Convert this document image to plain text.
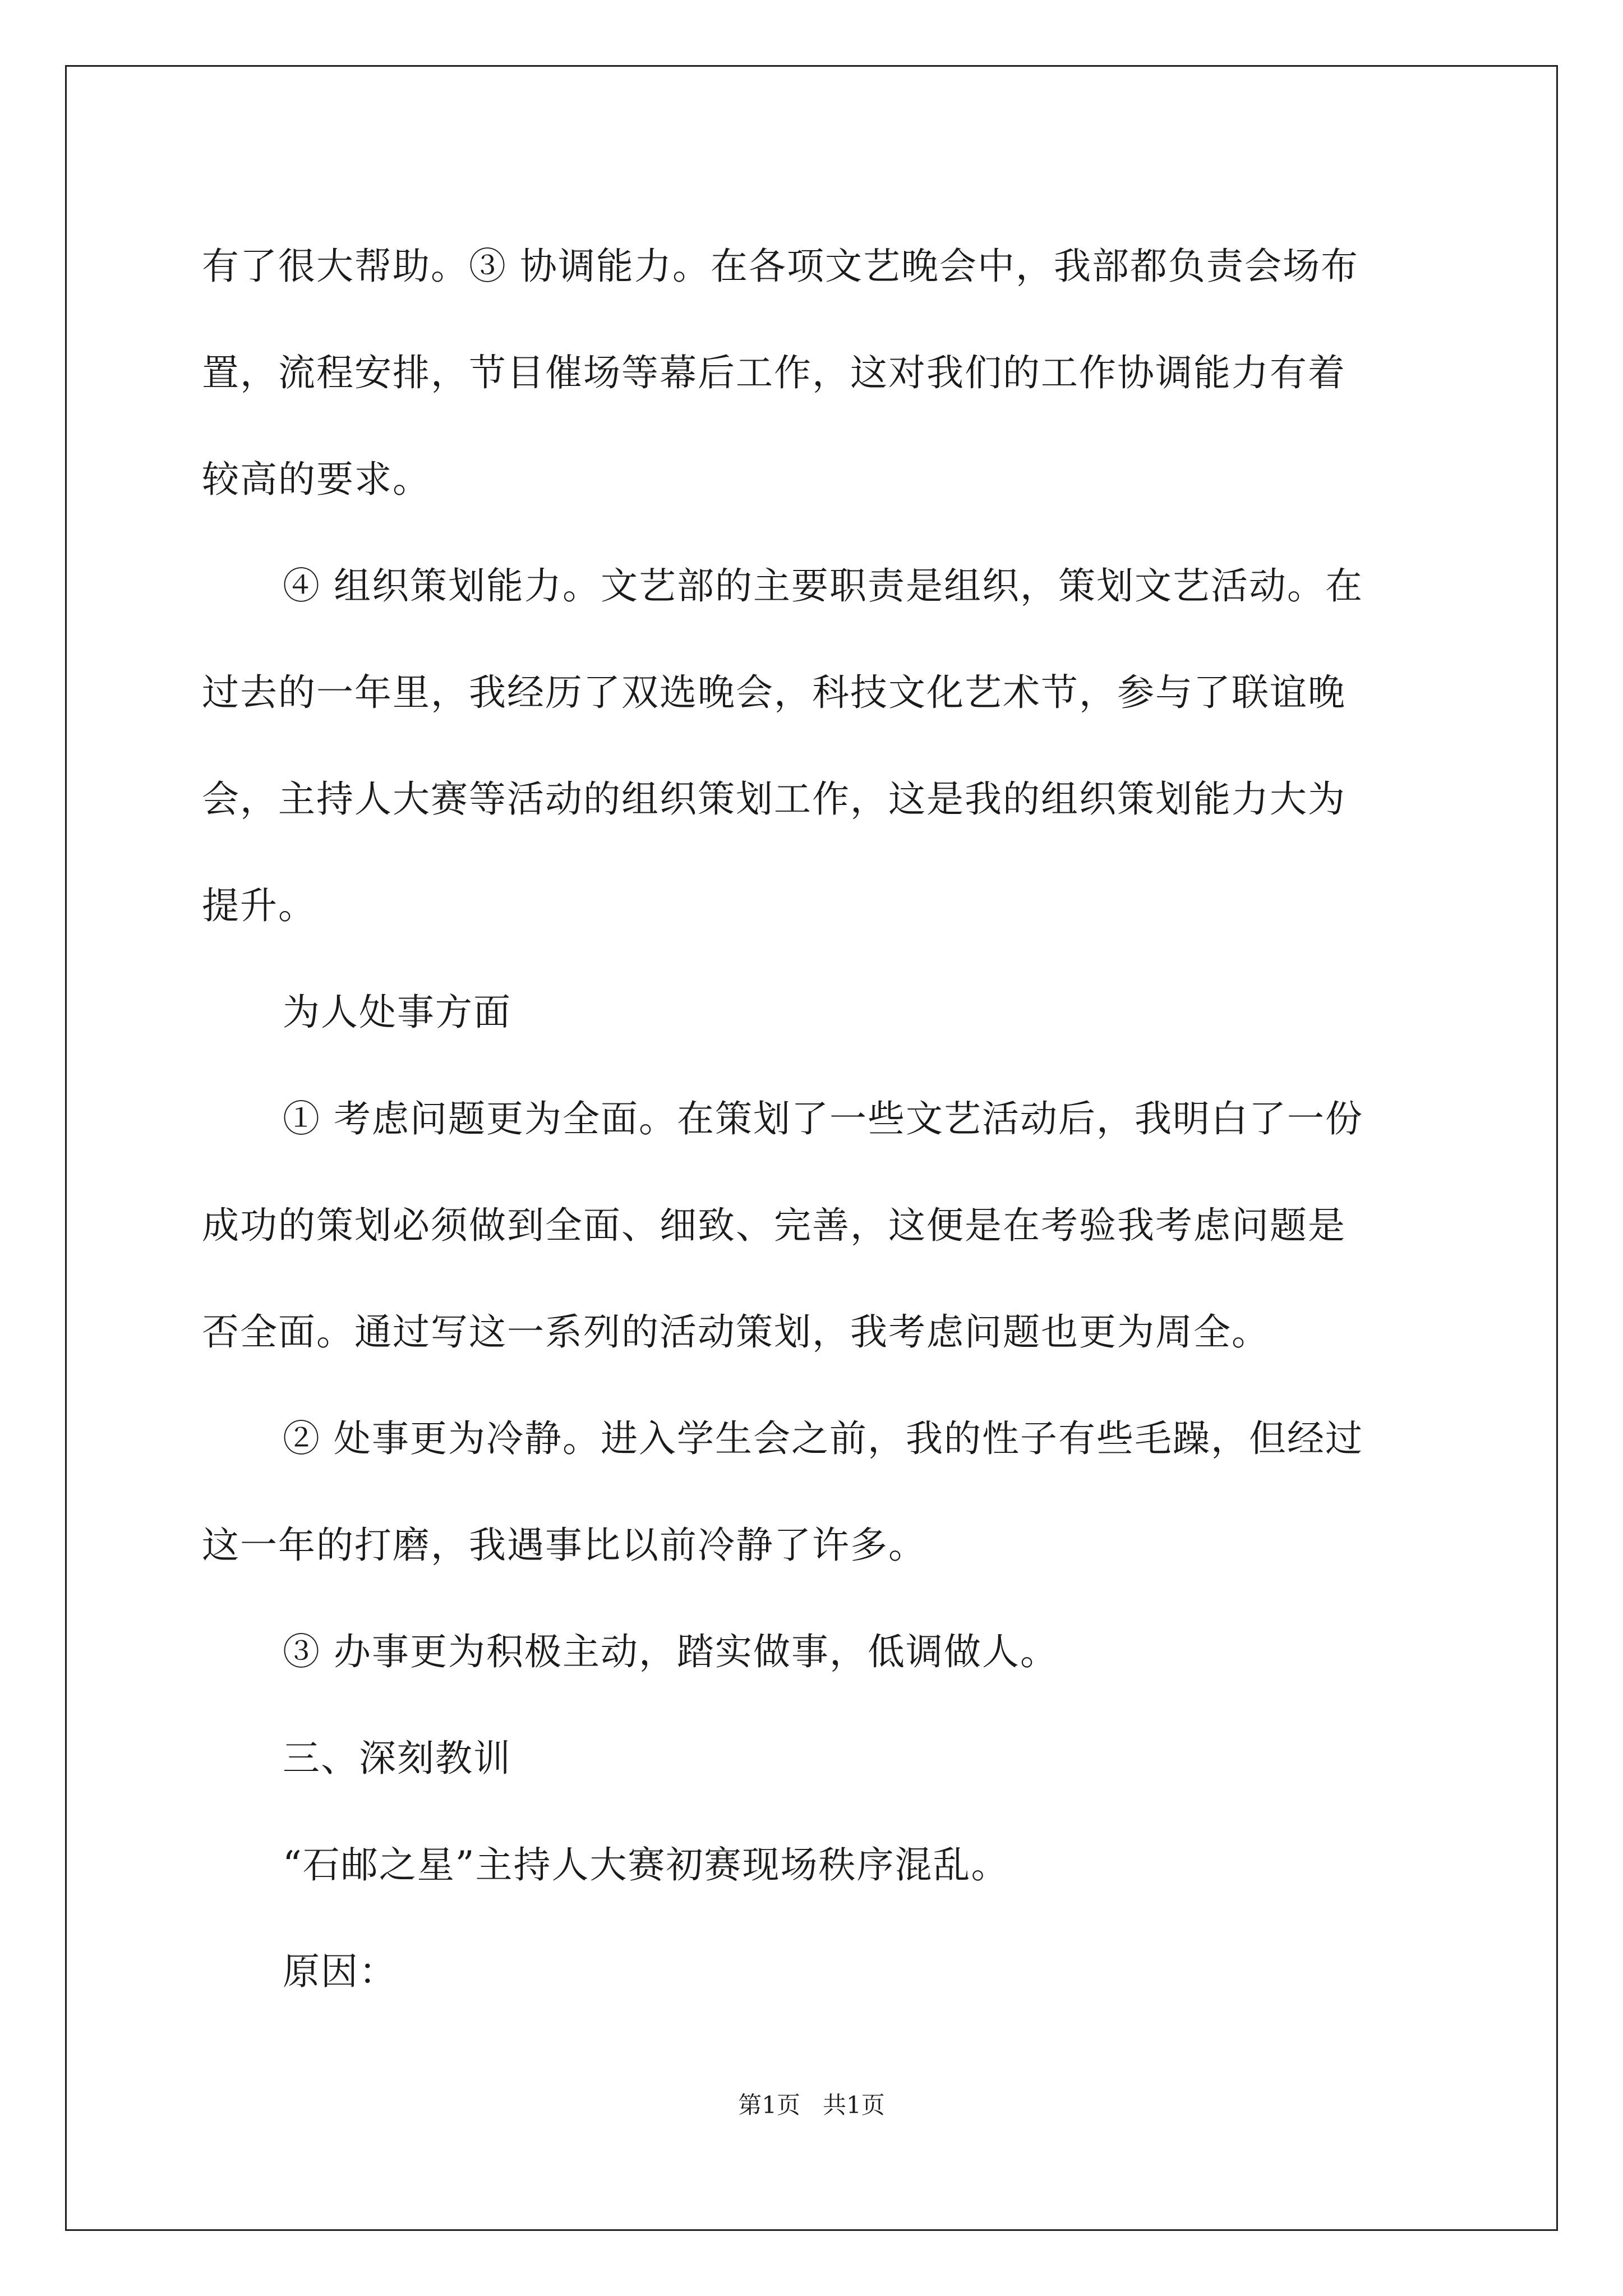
有了很大帮助。③ 协调能力。在各项文艺晚会中，我部都负责会场布
置，流程安排，节目催场等幕后工作，这对我们的工作协调能力有着
较高的要求。

④ 组织策划能力。文艺部的主要职责是组织，策划文艺活动。在
过去的一年里，我经历了双选晚会，科技文化艺术节，参与了联谊晚
会，主持人大赛等活动的组织策划工作，这是我的组织策划能力大为
提升。

为人处事方面

① 考虑问题更为全面。在策划了一些文艺活动后，我明白了一份
成功的策划必须做到全面、细致、完善，这便是在考验我考虑问题是
否全面。通过写这一系列的活动策划，我考虑问题也更为周全。

② 处事更为冷静。进入学生会之前，我的性子有些毛躁，但经过
这一年的打磨，我遇事比以前冷静了许多。

③ 办事更为积极主动，踏实做事，低调做人。

三、深刻教训

“石邮之星”主持人大赛初赛现场秩序混乱。

原因：

第1页 共1页
